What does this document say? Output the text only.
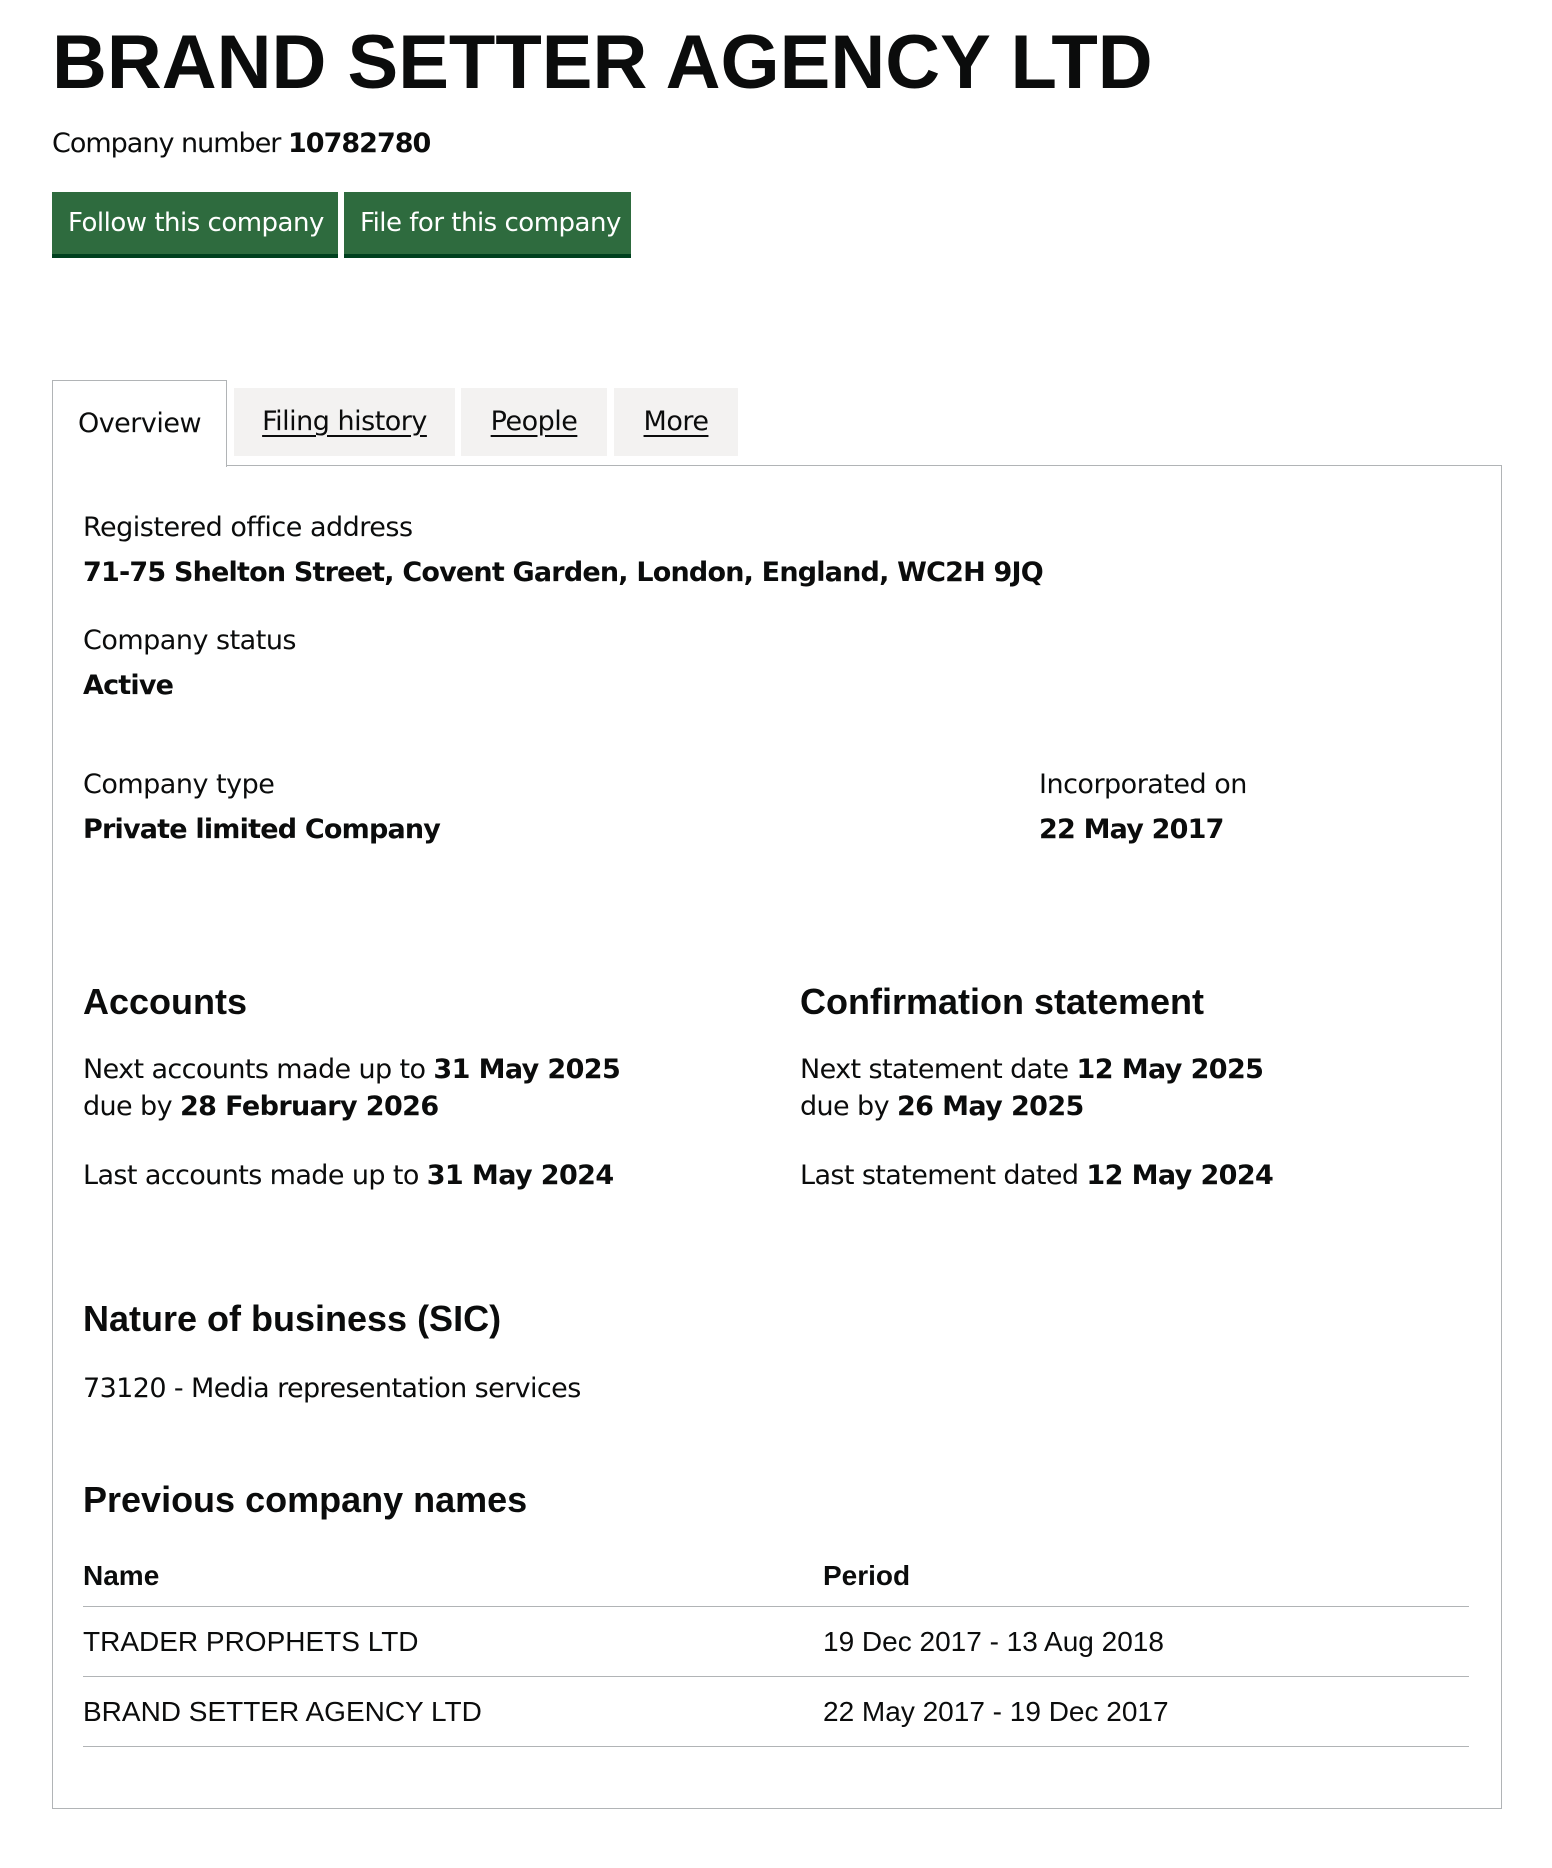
BRAND SETTER AGENCY LTD
Company number 10782780
Follow this company	File for this company
Overview	Filing history	People	More
Registered office address
71-75 Shelton Street, Covent Garden, London, England, WC2H 9JQ
Company status
Active
Company type
Private limited Company
Incorporated on
22 May 2017
Accounts
Next accounts made up to 31 May 2025
due by 28 February 2026
Last accounts made up to 31 May 2024
Confirmation statement
Next statement date 12 May 2025
due by 26 May 2025
Last statement dated 12 May 2024
Nature of business (SIC)
73120 - Media representation services
Previous company names
Name	Period
TRADER PROPHETS LTD	19 Dec 2017 - 13 Aug 2018
BRAND SETTER AGENCY LTD	22 May 2017 - 19 Dec 2017
